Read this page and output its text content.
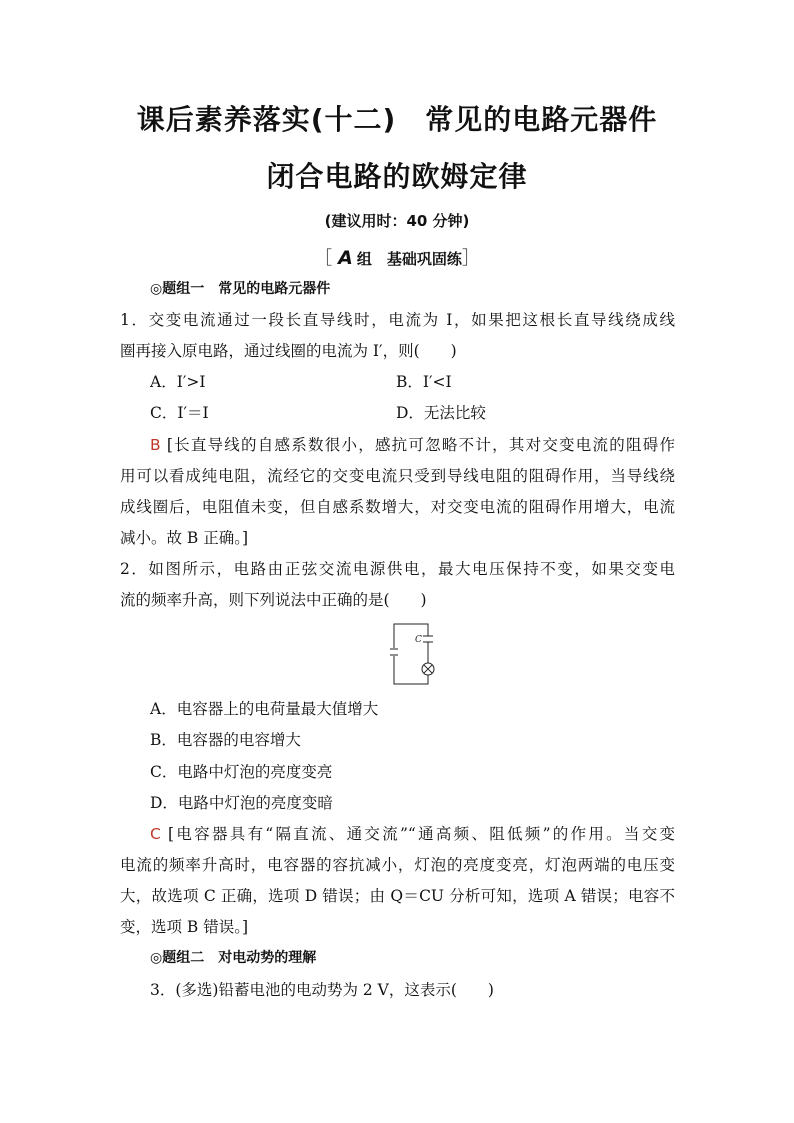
课后素养落实(十二)　常见的电路元器件
闭合电路的欧姆定律
(建议用时：40 分钟)
［ A 组　基础巩固练］
◎题组一　常见的电路元器件
1．交变电流通过一段长直导线时，电流为 I，如果把这根长直导线绕成线
圈再接入原电路，通过线圈的电流为 I′，则(　　)
A．I′>I	B．I′<I
C．I′＝I	D．无法比较
B [长直导线的自感系数很小，感抗可忽略不计，其对交变电流的阻碍作
用可以看成纯电阻，流经它的交变电流只受到导线电阻的阻碍作用，当导线绕
成线圈后，电阻值未变，但自感系数增大，对交变电流的阻碍作用增大，电流
减小。故 B 正确。]
2．如图所示，电路由正弦交流电源供电，最大电压保持不变，如果交变电
流的频率升高，则下列说法中正确的是(　　)
C
A．电容器上的电荷量最大值增大
B．电容器的电容增大
C．电路中灯泡的亮度变亮
D．电路中灯泡的亮度变暗
C [电容器具有“隔直流、通交流”“通高频、阻低频”的作用。当交变
电流的频率升高时，电容器的容抗减小，灯泡的亮度变亮，灯泡两端的电压变
大，故选项 C 正确，选项 D 错误；由 Q＝CU 分析可知，选项 A 错误；电容不
变，选项 B 错误。]
◎题组二　对电动势的理解
3．(多选)铅蓄电池的电动势为 2 V，这表示(　　)
